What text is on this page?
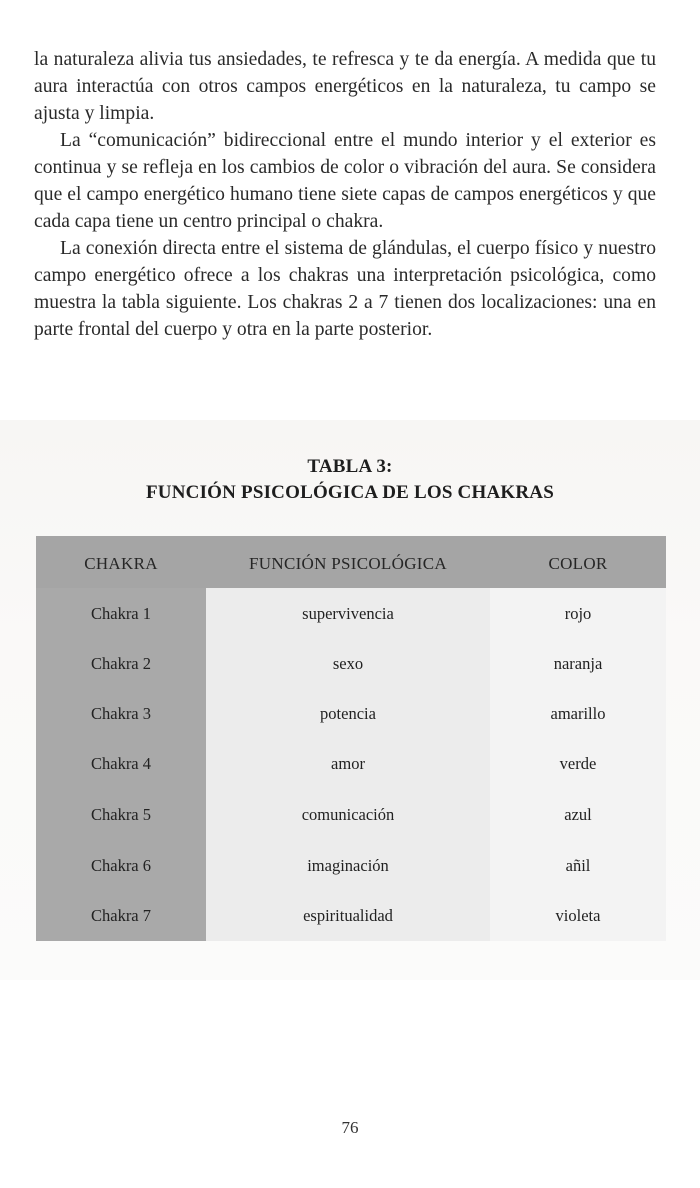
la naturaleza alivia tus ansiedades, te refresca y te da energía. A medida que tu aura interactúa con otros campos energéticos en la naturaleza, tu campo se ajusta y limpia.

La “comunicación” bidireccional entre el mundo interior y el exterior es continua y se refleja en los cambios de color o vibración del aura. Se considera que el campo energético humano tiene siete capas de campos energéticos y que cada capa tiene un centro principal o chakra.

La conexión directa entre el sistema de glándulas, el cuerpo físico y nuestro campo energético ofrece a los chakras una interpretación psicológica, como muestra la tabla siguiente. Los chakras 2 a 7 tienen dos localizaciones: una en parte frontal del cuerpo y otra en la parte posterior.

TABLA 3:
FUNCIÓN PSICOLÓGICA DE LOS CHAKRAS
CHAKRA	FUNCIÓN PSICOLÓGICA	COLOR
Chakra 1	supervivencia	rojo
Chakra 2	sexo	naranja
Chakra 3	potencia	amarillo
Chakra 4	amor	verde
Chakra 5	comunicación	azul
Chakra 6	imaginación	añil
Chakra 7	espiritualidad	violeta
76
